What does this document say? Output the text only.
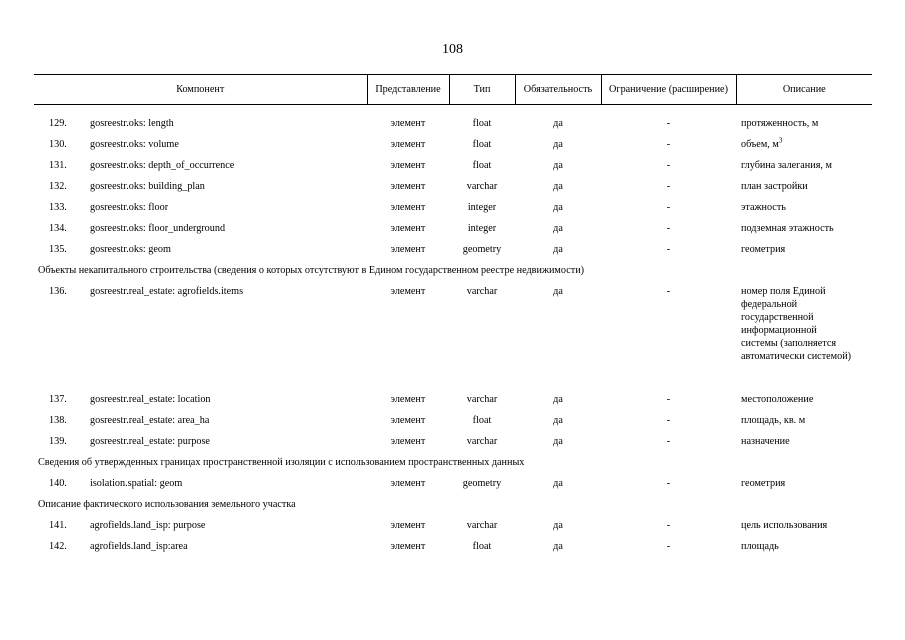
108
Компонент	Представление	Тип	Обязательность	Ограничение (расширение)	Описание

129. gosreestr.oks: length	элемент	float	да	-	протяженность, м
130. gosreestr.oks: volume	элемент	float	да	-	объем, $м^3$
131. gosreestr.oks: depth_of_occurrence	элемент	float	да	-	глубина залегания, м
132. gosreestr.oks: building_plan	элемент	varchar	да	-	план застройки
133. gosreestr.oks: floor	элемент	integer	да	-	этажность
134. gosreestr.oks: floor_underground	элемент	integer	да	-	подземная этажность
135. gosreestr.oks: geom	элемент	geometry	да	-	геометрия
Объекты некапитального строительства (сведения о которых отсутствуют в Едином государственном реестре недвижимости)					
136. gosreestr.real_estate: agrofields.items	элемент	varchar	да	-	номер поля Единой федеральной государственной информационной системы (заполняется автоматически системой)

137. gosreestr.real_estate: location	элемент	varchar	да	-	местоположение
138. gosreestr.real_estate: area_ha	элемент	float	да	-	площадь, кв. м
139. gosreestr.real_estate: purpose	элемент	varchar	да	-	назначение
Сведения об утвержденных границах пространственной изоляции с использованием пространственных данных					
140. isolation.spatial: geom	элемент	geometry	да	-	геометрия
Описание фактического использования земельного участка					
141. agrofields.land_isp: purpose	элемент	varchar	да	-	цель использования
142. agrofields.land_isp:area	элемент	float	да	-	площадь
